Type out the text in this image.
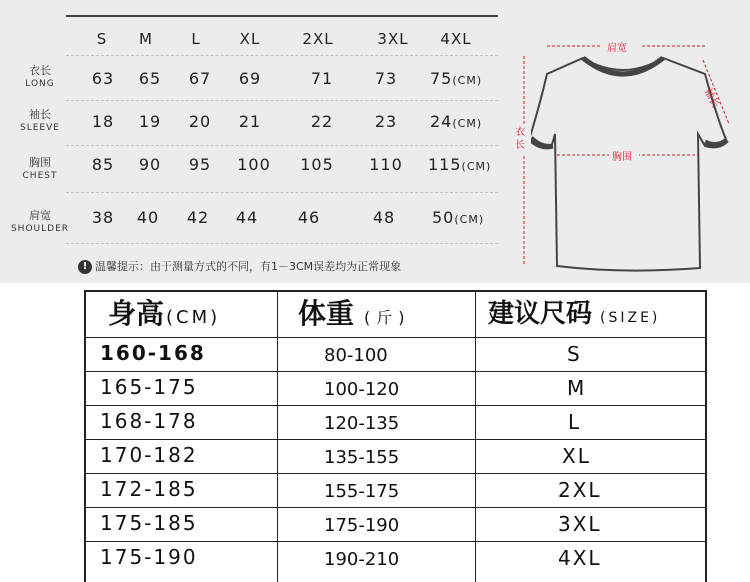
S	M	L	XL	2XL	3XL	4XL
衣长
LONG	63	65	67	69	71	73	75(CM)
袖长
SLEEVE	18	19	20	21	22	23	24(CM)
胸围
CHEST
85	90	95	100	105	110	115(CM)
肩宽
SHOULDER
38	40	42	44	46	48	50(CM)
! 温馨提示：由于测量方式的不同，有1－3CM误差均为正常现象
肩宽
胸围
衣
长
袖长
身高 (CM)	体重 (斤)	建议尺码 (SIZE)
160-168	80-100	S
165-175	100-120	M
168-178	120-135	L
170-182	135-155	XL
172-185	155-175	2XL
175-185	175-190	3XL
175-190	190-210	4XL
